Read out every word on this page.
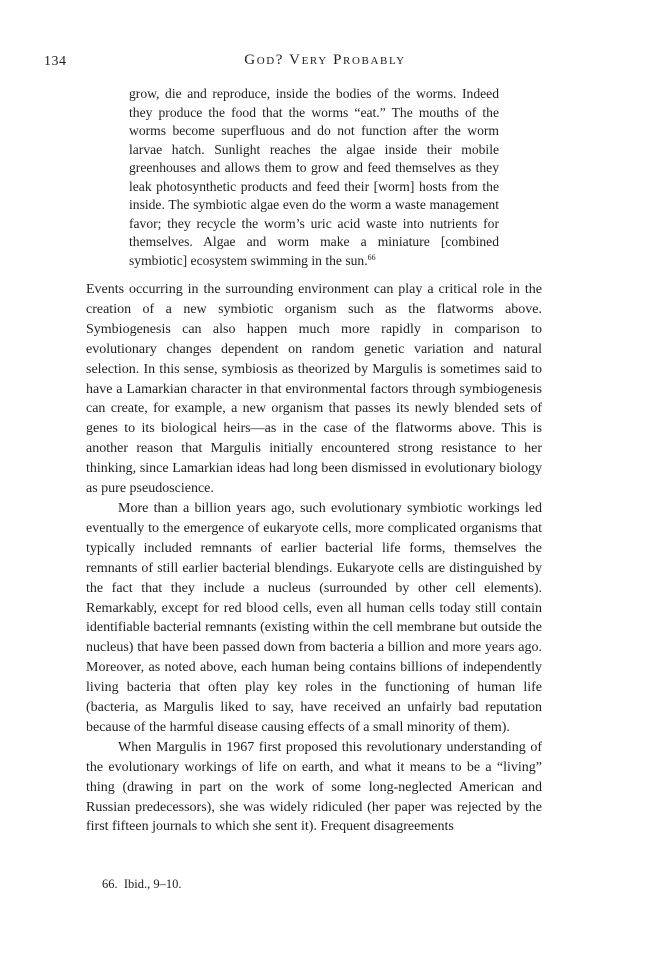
134	God? Very Probably
grow, die and reproduce, inside the bodies of the worms. Indeed they produce the food that the worms “eat.” The mouths of the worms become superfluous and do not function after the worm larvae hatch. Sunlight reaches the algae inside their mobile greenhouses and allows them to grow and feed themselves as they leak photosynthetic products and feed their [worm] hosts from the inside. The symbiotic algae even do the worm a waste management favor; they recycle the worm’s uric acid waste into nutrients for themselves. Algae and worm make a miniature [combined symbiotic] ecosystem swimming in the sun.$^{66}$

Events occurring in the surrounding environment can play a critical role in the creation of a new symbiotic organism such as the flatworms above. Symbiogenesis can also happen much more rapidly in comparison to evolutionary changes dependent on random genetic variation and natural selection. In this sense, symbiosis as theorized by Margulis is sometimes said to have a Lamarkian character in that environmental factors through symbiogenesis can create, for example, a new organism that passes its newly blended sets of genes to its biological heirs—as in the case of the flatworms above. This is another reason that Margulis initially encountered strong resistance to her thinking, since Lamarkian ideas had long been dismissed in evolutionary biology as pure pseudoscience.

More than a billion years ago, such evolutionary symbiotic workings led eventually to the emergence of eukaryote cells, more complicated organisms that typically included remnants of earlier bacterial life forms, themselves the remnants of still earlier bacterial blendings. Eukaryote cells are distinguished by the fact that they include a nucleus (surrounded by other cell elements). Remarkably, except for red blood cells, even all human cells today still contain identifiable bacterial remnants (existing within the cell membrane but outside the nucleus) that have been passed down from bacteria a billion and more years ago. Moreover, as noted above, each human being contains billions of independently living bacteria that often play key roles in the functioning of human life (bacteria, as Margulis liked to say, have received an unfairly bad reputation because of the harmful disease causing effects of a small minority of them).

When Margulis in 1967 first proposed this revolutionary understanding of the evolutionary workings of life on earth, and what it means to be a “living” thing (drawing in part on the work of some long-neglected American and Russian predecessors), she was widely ridiculed (her paper was rejected by the first fifteen journals to which she sent it). Frequent disagreements

66. Ibid., 9–10.
